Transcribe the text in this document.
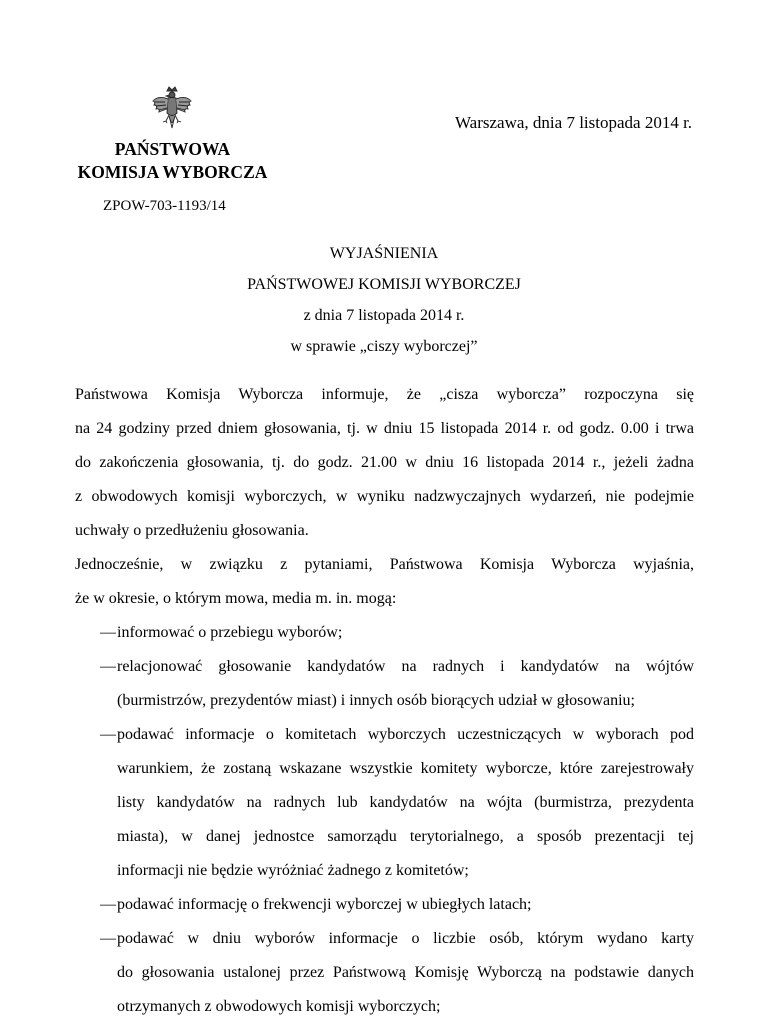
Warszawa, dnia 7 listopada 2014 r.
PAŃSTWOWA
KOMISJA WYBORCZA
ZPOW-703-1193/14
WYJAŚNIENIA
PAŃSTWOWEJ KOMISJI WYBORCZEJ
z dnia 7 listopada 2014 r.
w sprawie „ciszy wyborczej”
Państwowa Komisja Wyborcza informuje, że „cisza wyborcza” rozpoczyna się
na 24 godziny przed dniem głosowania, tj. w dniu 15 listopada 2014 r. od godz. 0.00 i trwa
do zakończenia głosowania, tj. do godz. 21.00 w dniu 16 listopada 2014 r., jeżeli żadna
z obwodowych komisji wyborczych, w wyniku nadzwyczajnych wydarzeń, nie podejmie
uchwały o przedłużeniu głosowania.
Jednocześnie, w związku z pytaniami, Państwowa Komisja Wyborcza wyjaśnia,
że w okresie, o którym mowa, media m. in. mogą:
— informować o przebiegu wyborów;
— relacjonować głosowanie kandydatów na radnych i kandydatów na wójtów
(burmistrzów, prezydentów miast) i innych osób biorących udział w głosowaniu;
— podawać informacje o komitetach wyborczych uczestniczących w wyborach pod
warunkiem, że zostaną wskazane wszystkie komitety wyborcze, które zarejestrowały
listy kandydatów na radnych lub kandydatów na wójta (burmistrza, prezydenta
miasta), w danej jednostce samorządu terytorialnego, a sposób prezentacji tej
informacji nie będzie wyróżniać żadnego z komitetów;
— podawać informację o frekwencji wyborczej w ubiegłych latach;
— podawać w dniu wyborów informacje o liczbie osób, którym wydano karty
do głosowania ustalonej przez Państwową Komisję Wyborczą na podstawie danych
otrzymanych z obwodowych komisji wyborczych;
